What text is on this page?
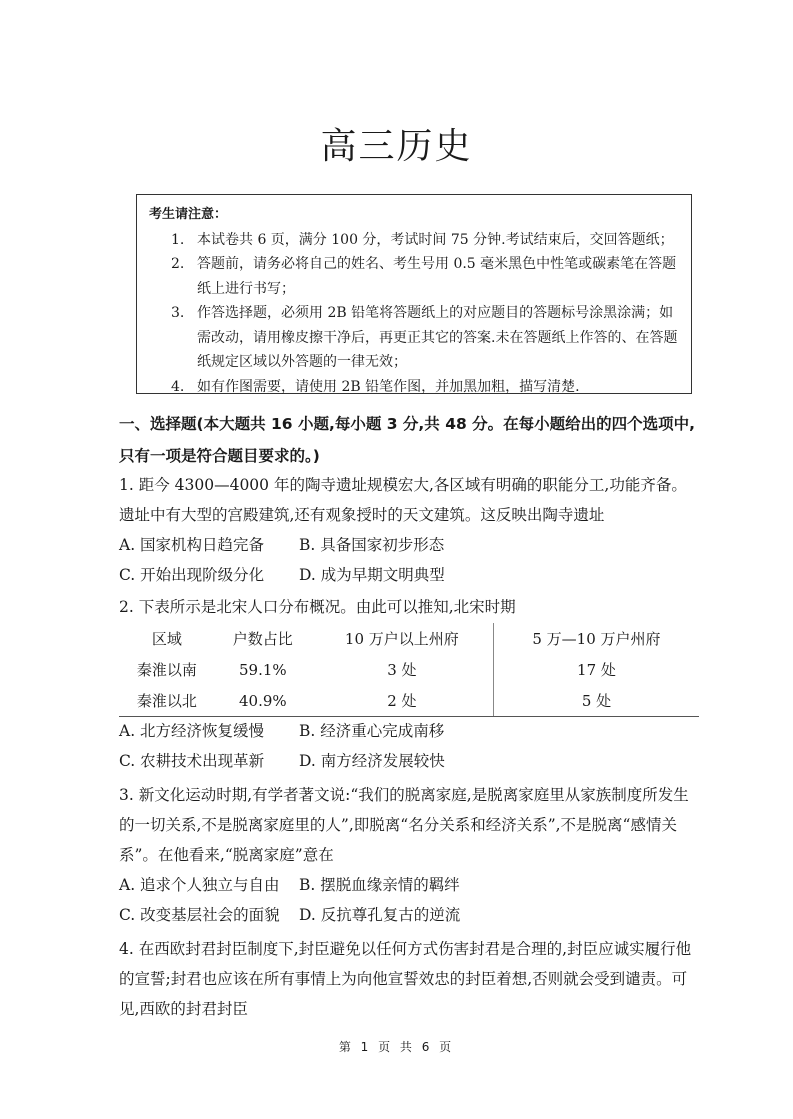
高三历史
考生请注意：
1. 本试卷共 6 页，满分 100 分，考试时间 75 分钟.考试结束后，交回答题纸；
2. 答题前，请务必将自己的姓名、考生号用 0.5 毫米黑色中性笔或碳素笔在答题纸上进行书写；
3. 作答选择题，必须用 2B 铅笔将答题纸上的对应题目的答题标号涂黑涂满；如需改动，请用橡皮擦干净后，再更正其它的答案.未在答题纸上作答的、在答题纸规定区域以外答题的一律无效；
4. 如有作图需要，请使用 2B 铅笔作图，并加黑加粗，描写清楚.
一、选择题(本大题共 16 小题,每小题 3 分,共 48 分。在每小题给出的四个选项中,只有一项是符合题目要求的。)
1. 距今 4300—4000 年的陶寺遗址规模宏大,各区域有明确的职能分工,功能齐备。遗址中有大型的宫殿建筑,还有观象授时的天文建筑。这反映出陶寺遗址
A. 国家机构日趋完备	B. 具备国家初步形态
C. 开始出现阶级分化	D. 成为早期文明典型
2. 下表所示是北宋人口分布概况。由此可以推知,北宋时期
区域	户数占比	10 万户以上州府	5 万—10 万户州府
秦淮以南	59.1%	3 处	17 处
秦淮以北	40.9%	2 处	5 处
A. 北方经济恢复缓慢	B. 经济重心完成南移
C. 农耕技术出现革新	D. 南方经济发展较快
3. 新文化运动时期,有学者著文说:“我们的脱离家庭,是脱离家庭里从家族制度所发生的一切关系,不是脱离家庭里的人”,即脱离“名分关系和经济关系”,不是脱离“感情关系”。在他看来,“脱离家庭”意在
A. 追求个人独立与自由	B. 摆脱血缘亲情的羁绊
C. 改变基层社会的面貌	D. 反抗尊孔复古的逆流
4. 在西欧封君封臣制度下,封臣避免以任何方式伤害封君是合理的,封臣应诚实履行他的宣誓;封君也应该在所有事情上为向他宣誓效忠的封臣着想,否则就会受到谴责。可见,西欧的封君封臣
第 1 页 共 6 页
